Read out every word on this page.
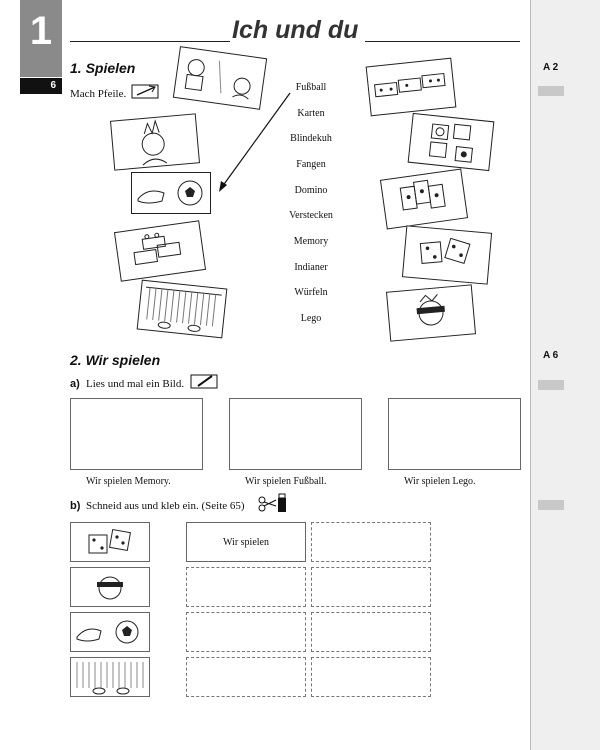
A 2
A 6
1
6
Ich und du
1. Spielen
Mach Pfeile.
Fußball
Karten
Blindekuh
Fangen
Domino
Verstecken
Memory
Indianer
Würfeln
Lego
2. Wir spielen
a) Lies und mal ein Bild.
Wir spielen Memory.	Wir spielen Fußball.	Wir spielen Lego.
b) Schneid aus und kleb ein. (Seite 65)
Wir spielen
